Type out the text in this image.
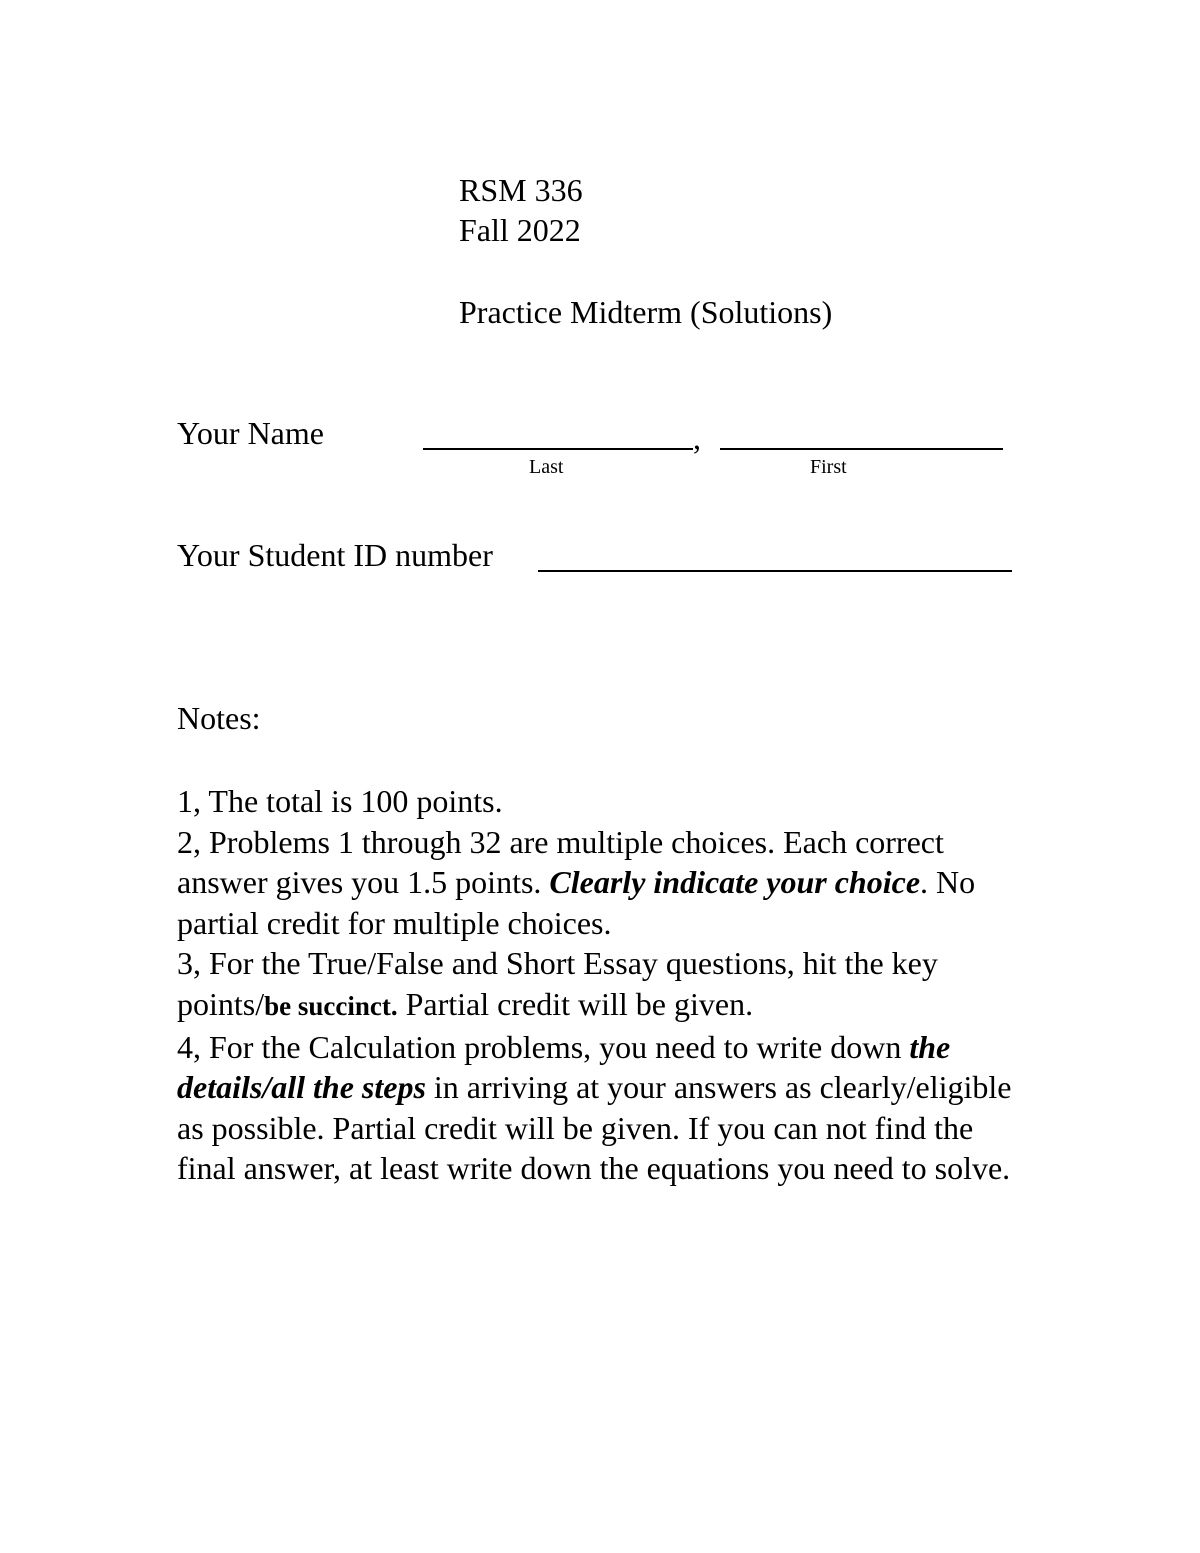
RSM 336
Fall 2022
Practice Midterm (Solutions)
Your Name	,
Last	First
Your Student ID number
Notes:

1, The total is 100 points.

2, Problems 1 through 32 are multiple choices. Each correct answer gives you 1.5 points. Clearly indicate your choice. No partial credit for multiple choices.

3, For the True/False and Short Essay questions, hit the key points/be succinct. Partial credit will be given.

4, For the Calculation problems, you need to write down the details/all the steps in arriving at your answers as clearly/eligible as possible. Partial credit will be given. If you can not find the final answer, at least write down the equations you need to solve.
